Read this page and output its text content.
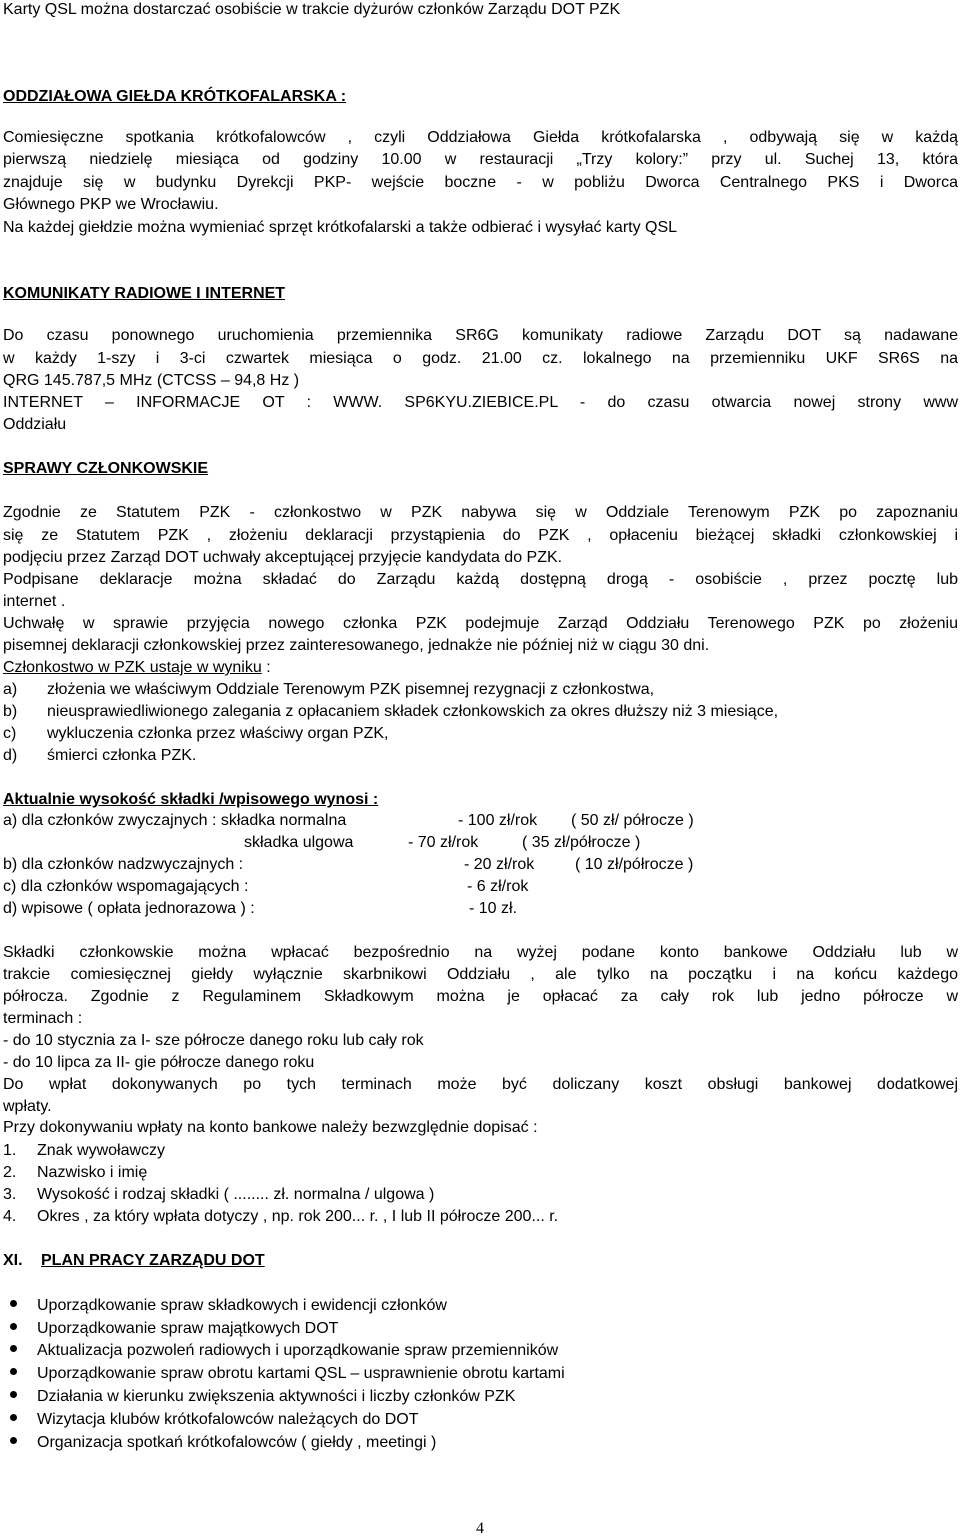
Karty QSL można dostarczać osobiście w trakcie dyżurów członków Zarządu DOT PZK
ODDZIAŁOWA GIEŁDA KRÓTKOFALARSKA :
Comiesięczne spotkania krótkofalowców , czyli Oddziałowa Giełda krótkofalarska , odbywają się w każdą
pierwszą niedzielę miesiąca od godziny 10.00 w restauracji „Trzy kolory:” przy ul. Suchej 13, która
znajduje się w budynku Dyrekcji PKP- wejście boczne - w pobliżu Dworca Centralnego PKS i Dworca
Głównego PKP we Wrocławiu.
Na każdej giełdzie można wymieniać sprzęt krótkofalarski a także odbierać i wysyłać karty QSL
KOMUNIKATY RADIOWE I INTERNET
Do czasu ponownego uruchomienia przemiennika SR6G komunikaty radiowe Zarządu DOT są nadawane
w każdy 1-szy i 3-ci czwartek miesiąca o godz. 21.00 cz. lokalnego na przemienniku UKF SR6S na
QRG 145.787,5 MHz (CTCSS – 94,8 Hz )
INTERNET – INFORMACJE OT : WWW. SP6KYU.ZIEBICE.PL - do czasu otwarcia nowej strony www
Oddziału
SPRAWY CZŁONKOWSKIE
Zgodnie ze Statutem PZK - członkostwo w PZK nabywa się w Oddziale Terenowym PZK po zapoznaniu
się ze Statutem PZK , złożeniu deklaracji przystąpienia do PZK , opłaceniu bieżącej składki członkowskiej i
podjęciu przez Zarząd DOT uchwały akceptującej przyjęcie kandydata do PZK.
Podpisane deklaracje można składać do Zarządu każdą dostępną drogą - osobiście , przez pocztę lub
internet .
Uchwałę w sprawie przyjęcia nowego członka PZK podejmuje Zarząd Oddziału Terenowego PZK po złożeniu
pisemnej deklaracji członkowskiej przez zainteresowanego, jednakże nie później niż w ciągu 30 dni.
Członkostwo w PZK ustaje w wyniku :
a) złożenia we właściwym Oddziale Terenowym PZK pisemnej rezygnacji z członkostwa,
b) nieusprawiedliwionego zalegania z opłacaniem składek członkowskich za okres dłuższy niż 3 miesiące,
c) wykluczenia członka przez właściwy organ PZK,
d) śmierci członka PZK.
Aktualnie wysokość składki /wpisowego wynosi :
a) dla członków zwyczajnych : składka normalna	- 100 zł/rok ( 50 zł/ półrocze )
składka ulgowa	- 70 zł/rok	( 35 zł/półrocze )
b) dla członków nadzwyczajnych :	- 20 zł/rok	( 10 zł/półrocze )
c) dla członków wspomagających :	- 6 zł/rok
d) wpisowe ( opłata jednorazowa ) :	- 10 zł.
Składki członkowskie można wpłacać bezpośrednio na wyżej podane konto bankowe Oddziału lub w
trakcie comiesięcznej giełdy wyłącznie skarbnikowi Oddziału , ale tylko na początku i na końcu każdego
półrocza. Zgodnie z Regulaminem Składkowym można je opłacać za cały rok lub jedno półrocze w
terminach :
- do 10 stycznia za I- sze półrocze danego roku lub cały rok
- do 10 lipca za II- gie półrocze danego roku
Do wpłat dokonywanych po tych terminach może być doliczany koszt obsługi bankowej dodatkowej
wpłaty.
Przy dokonywaniu wpłaty na konto bankowe należy bezwzględnie dopisać :
1. Znak wywoławczy
2. Nazwisko i imię
3. Wysokość i rodzaj składki ( ........ zł. normalna / ulgowa )
4. Okres , za który wpłata dotyczy , np. rok 200... r. , I lub II półrocze 200... r.
XI. PLAN PRACY ZARZĄDU DOT
Uporządkowanie spraw składkowych i ewidencji członków
Uporządkowanie spraw majątkowych DOT
Aktualizacja pozwoleń radiowych i uporządkowanie spraw przemienników
Uporządkowanie spraw obrotu kartami QSL – usprawnienie obrotu kartami
Działania w kierunku zwiększenia aktywności i liczby członków PZK
Wizytacja klubów krótkofalowców należących do DOT
Organizacja spotkań krótkofalowców ( giełdy , meetingi )
4
